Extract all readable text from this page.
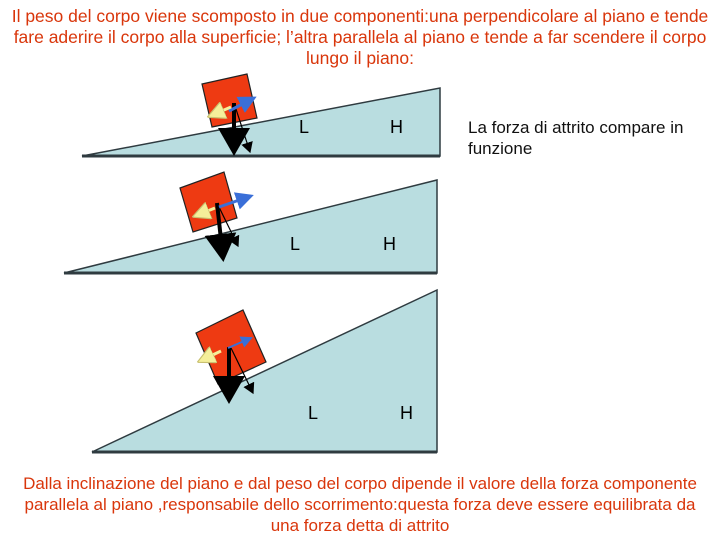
Il peso del corpo viene scomposto in due componenti:una perpendicolare al piano e tende fare aderire il corpo alla superficie; l’altra parallela al piano e tende a far scendere il corpo lungo il piano:
L	H
L	H
L	H
La forza di attrito compare in funzione
Dalla inclinazione del piano e dal peso del corpo dipende il valore della forza componente parallela al piano ,responsabile dello scorrimento:questa forza deve essere equilibrata da una forza detta di attrito
